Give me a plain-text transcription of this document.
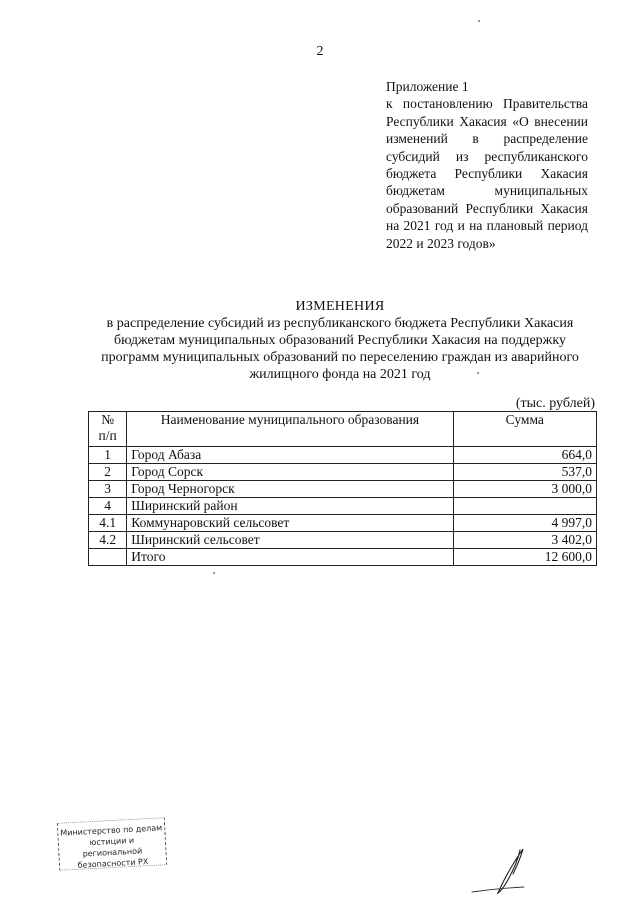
2
Приложение 1
к постановлению Правительства
Республики Хакасия «О внесении
изменений в распределение
субсидий из республиканского
бюджета Республики Хакасия
бюджетам муниципальных
образований Республики Хакасия
на 2021 год и на плановый период
2022 и 2023 годов»
ИЗМЕНЕНИЯ
в распределение субсидий из республиканского бюджета Республики Хакасия
бюджетам муниципальных образований Республики Хакасия на поддержку
программ муниципальных образований по переселению граждан из аварийного
жилищного фонда на 2021 год
(тыс. рублей)
№
п/п	Наименование муниципального образования	Сумма
1	Город Абаза	664,0
2	Город Сорск	537,0
3	Город Черногорск	3 000,0
4	Ширинский район	
4.1	Коммунаровский сельсовет	4 997,0
4.2	Ширинский сельсовет	3 402,0
	Итого	12 600,0
Министерство по делам
юстиции и региональной
безопасности РХ
